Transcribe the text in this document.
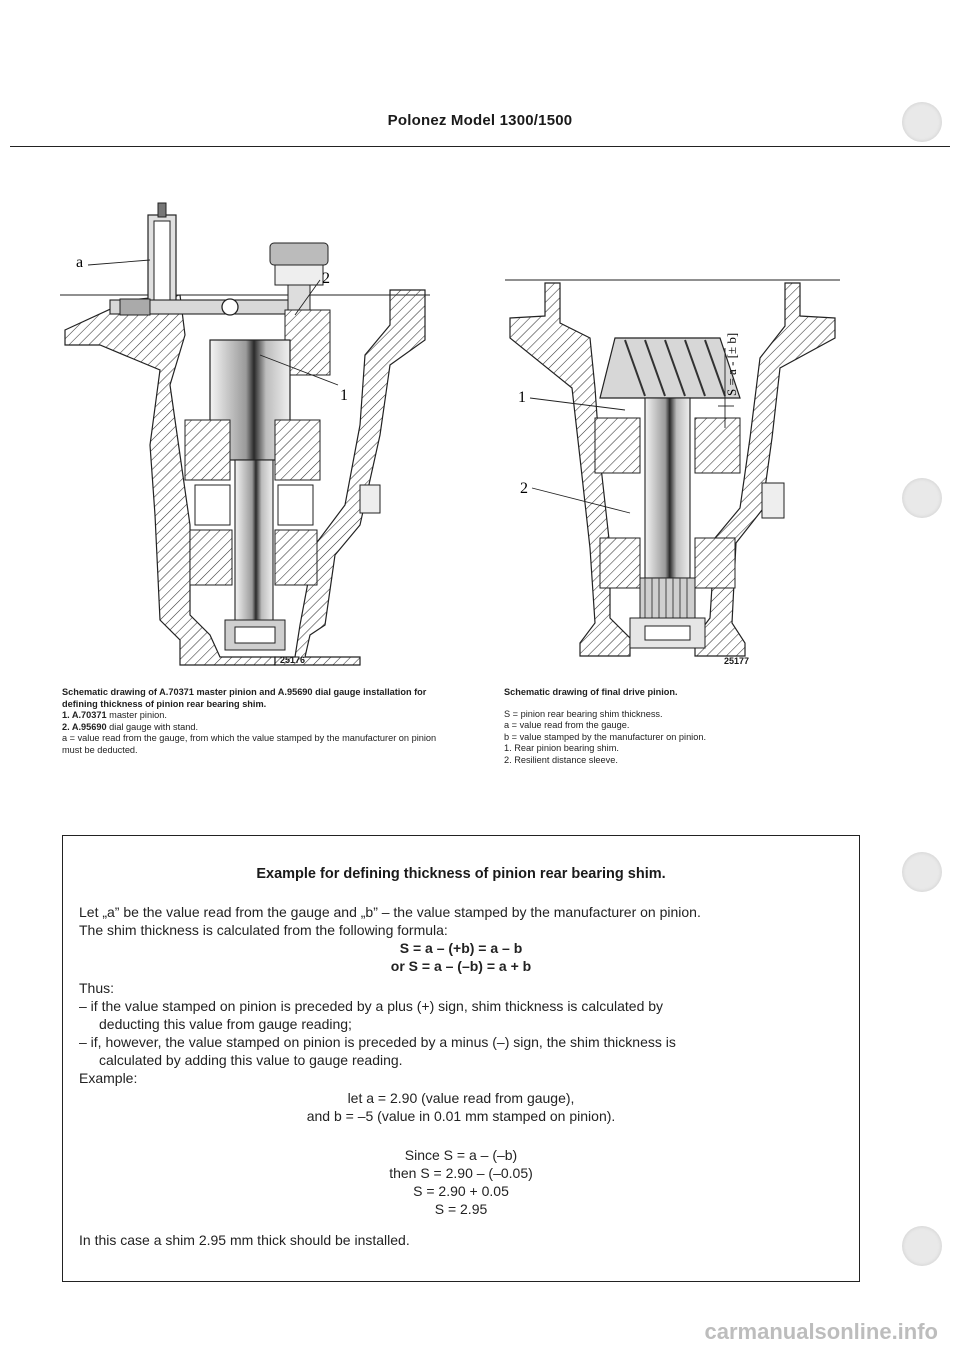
Polonez Model 1300/1500
a
2
1
25176
S = a - [± b]
1
2
25177
Schematic drawing of A.70371 master pinion and A.95690 dial gauge installation for defining thickness of pinion rear bearing shim.
1. A.70371 master pinion.
2. A.95690 dial gauge with stand.
a = value read from the gauge, from which the value stamped by the manufacturer on pinion must be deducted.
Schematic drawing of final drive pinion.
S = pinion rear bearing shim thickness.
a = value read from the gauge.
b = value stamped by the manufacturer on pinion.
1. Rear pinion bearing shim.
2. Resilient distance sleeve.
Example for defining thickness of pinion rear bearing shim.
Let „a” be the value read from the gauge and „b” – the value stamped by the manufacturer on pinion.
The shim thickness is calculated from the following formula:
S = a – (+b) = a – b
or S = a – (–b) = a + b
Thus:
– if the value stamped on pinion is preceded by a plus (+) sign, shim thickness is calculated by
deducting this value from gauge reading;
– if, however, the value stamped on pinion is preceded by a minus (–) sign, the shim thickness is
calculated by adding this value to gauge reading.
Example:
let a = 2.90 (value read from gauge),
and b = –5 (value in 0.01 mm stamped on pinion).
Since S = a – (–b)
then S = 2.90 – (–0.05)
S = 2.90 + 0.05
S = 2.95
In this case a shim 2.95 mm thick should be installed.
carmanualsonline.info
